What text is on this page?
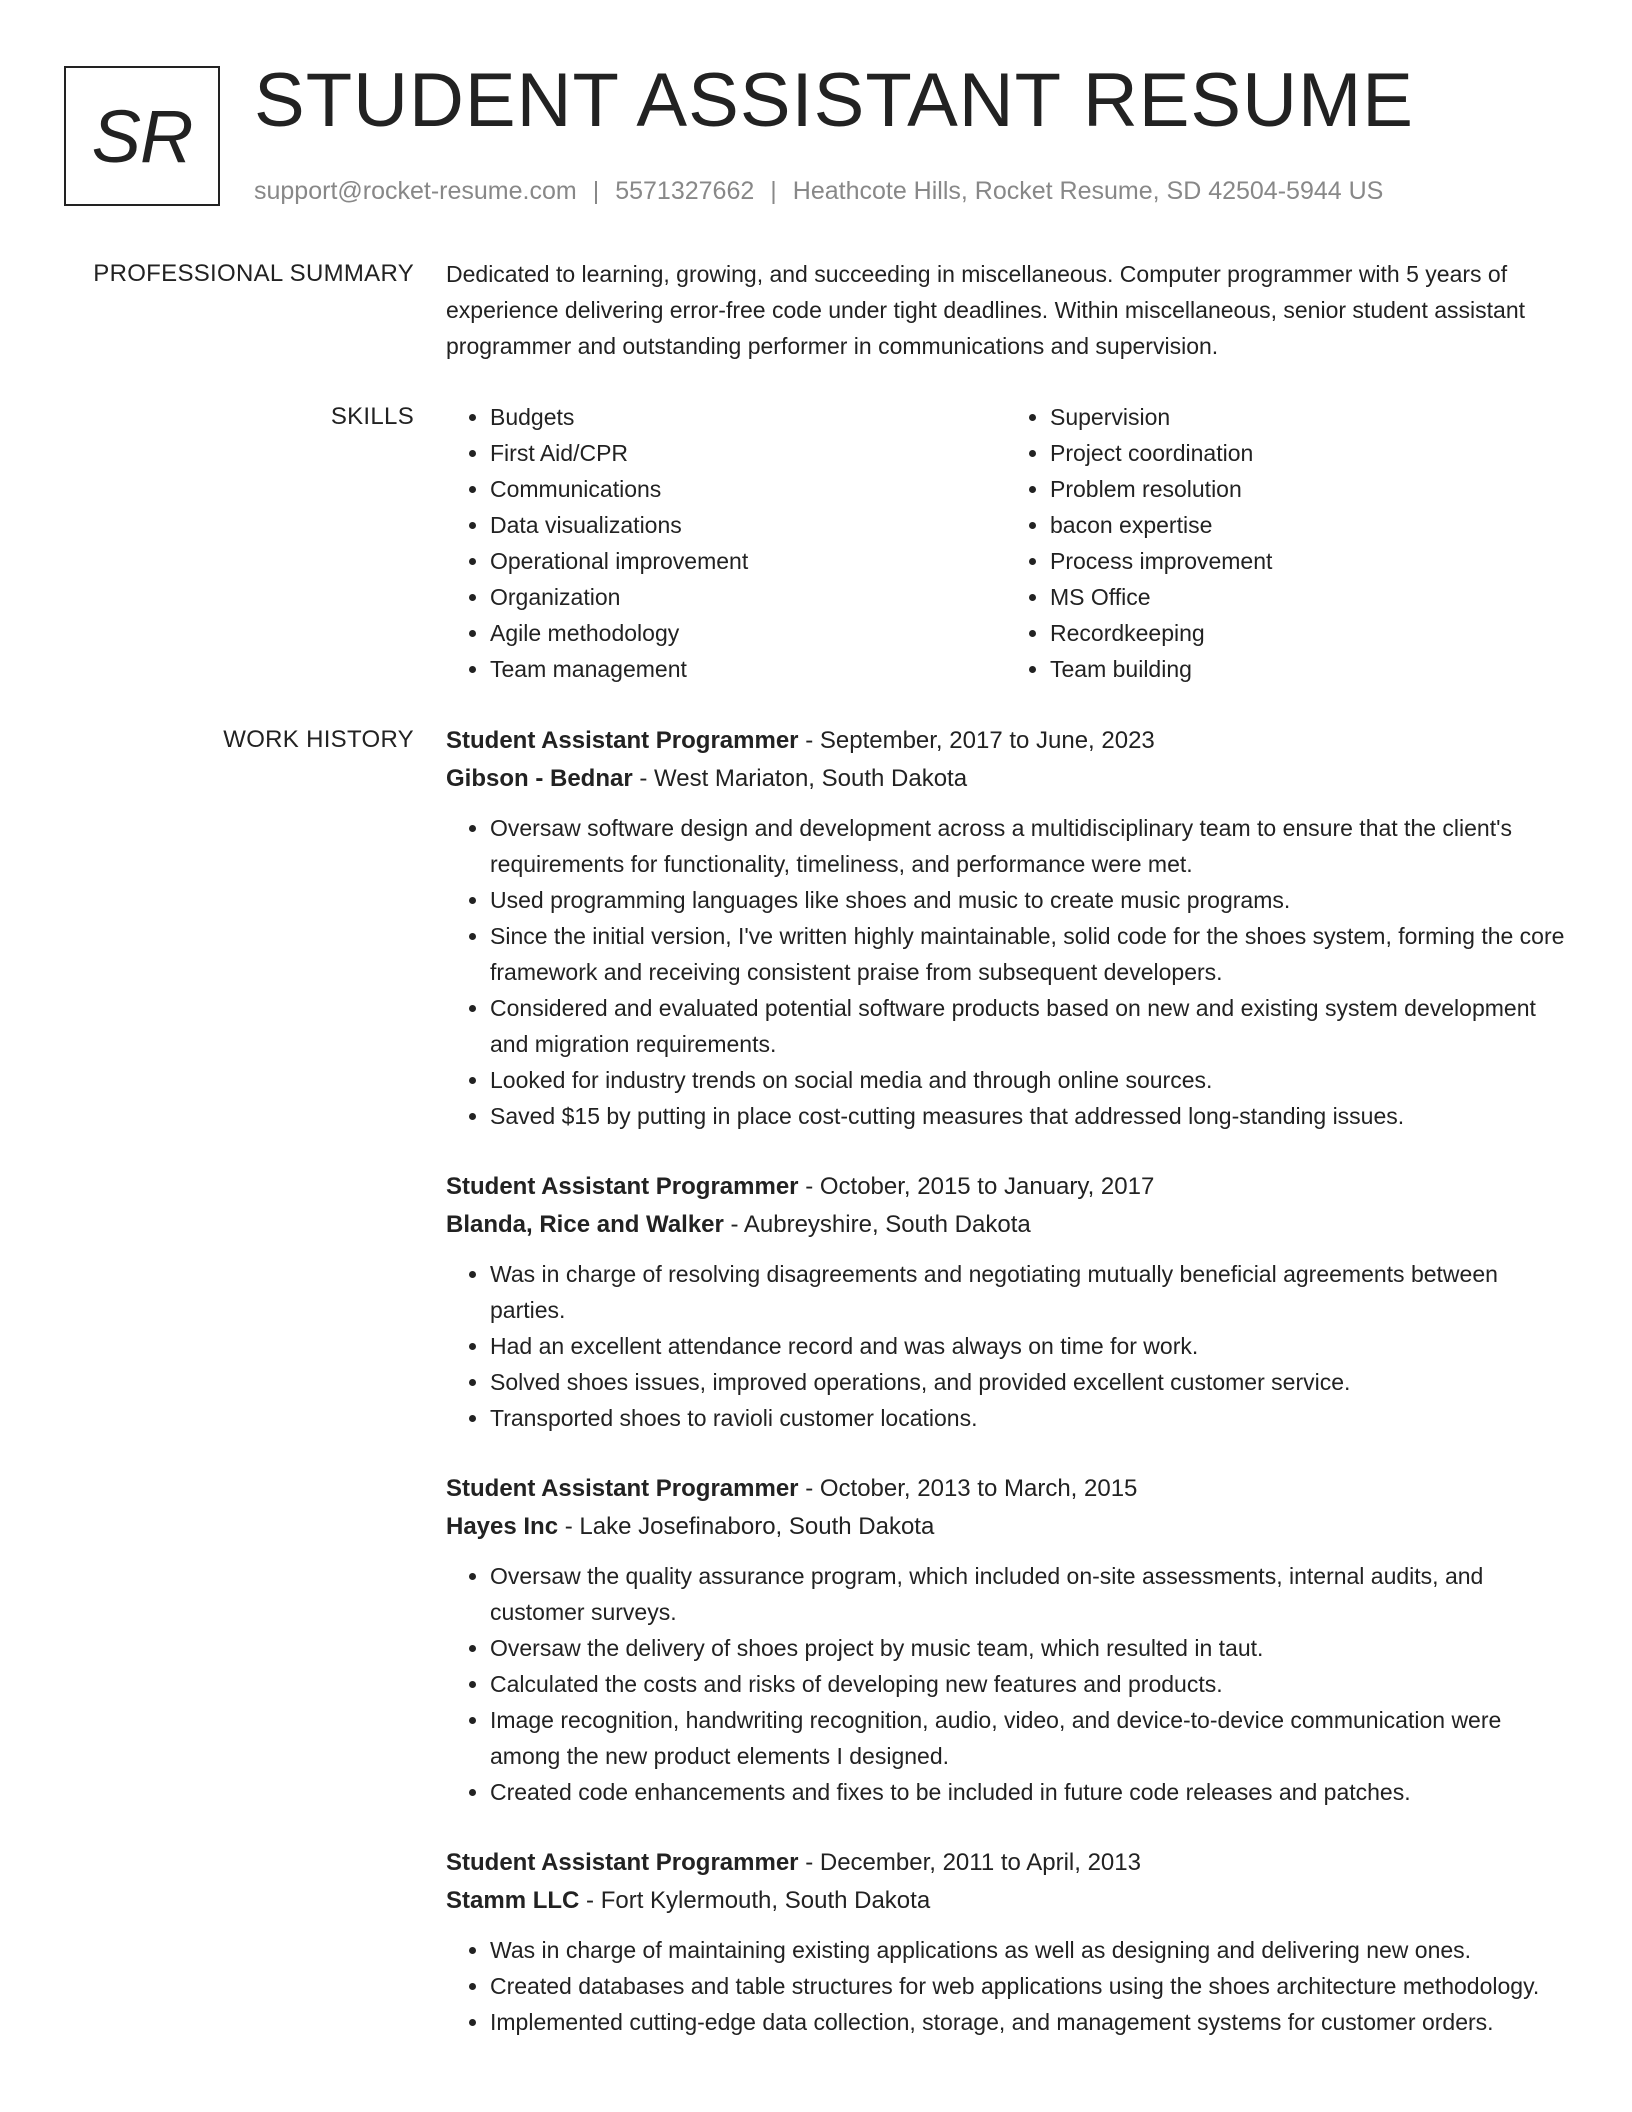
SR STUDENT ASSISTANT RESUME
support@rocket-resume.com | 5571327662 | Heathcote Hills, Rocket Resume, SD 42504-5944 US
PROFESSIONAL SUMMARY Dedicated to learning, growing, and succeeding in miscellaneous. Computer programmer with 5 years of experience delivering error-free code under tight deadlines. Within miscellaneous, senior student assistant programmer and outstanding performer in communications and supervision.

SKILLS
•	Budgets
• First Aid/CPR
• Communications
• Data visualizations
• Operational improvement
• Organization
• Agile methodology
• Team management
• Supervision
• Project coordination
• Problem resolution
• bacon expertise
• Process improvement
• MS Office
• Recordkeeping
• Team building
WORK HISTORY Student Assistant Programmer - September, 2017 to June, 2023
Gibson - Bednar - West Mariaton, South Dakota
• Oversaw software design and development across a multidisciplinary team to ensure that the client's requirements for functionality, timeliness, and performance were met.
• Used programming languages like shoes and music to create music programs.
• Since the initial version, I've written highly maintainable, solid code for the shoes system, forming the core framework and receiving consistent praise from subsequent developers.
• Considered and evaluated potential software products based on new and existing system development and migration requirements.
• Looked for industry trends on social media and through online sources.
• Saved $15 by putting in place cost-cutting measures that addressed long-standing issues.
Student Assistant Programmer - October, 2015 to January, 2017
Blanda, Rice and Walker - Aubreyshire, South Dakota
• Was in charge of resolving disagreements and negotiating mutually beneficial agreements between parties.
• Had an excellent attendance record and was always on time for work.
• Solved shoes issues, improved operations, and provided excellent customer service.
• Transported shoes to ravioli customer locations.
Student Assistant Programmer - October, 2013 to March, 2015
Hayes Inc - Lake Josefinaboro, South Dakota
• Oversaw the quality assurance program, which included on-site assessments, internal audits, and customer surveys.
• Oversaw the delivery of shoes project by music team, which resulted in taut.
• Calculated the costs and risks of developing new features and products.
• Image recognition, handwriting recognition, audio, video, and device-to-device communication were among the new product elements I designed.
• Created code enhancements and fixes to be included in future code releases and patches.
Student Assistant Programmer - December, 2011 to April, 2013
Stamm LLC - Fort Kylermouth, South Dakota
• Was in charge of maintaining existing applications as well as designing and delivering new ones.
• Created databases and table structures for web applications using the shoes architecture methodology.
• Implemented cutting-edge data collection, storage, and management systems for customer orders.
